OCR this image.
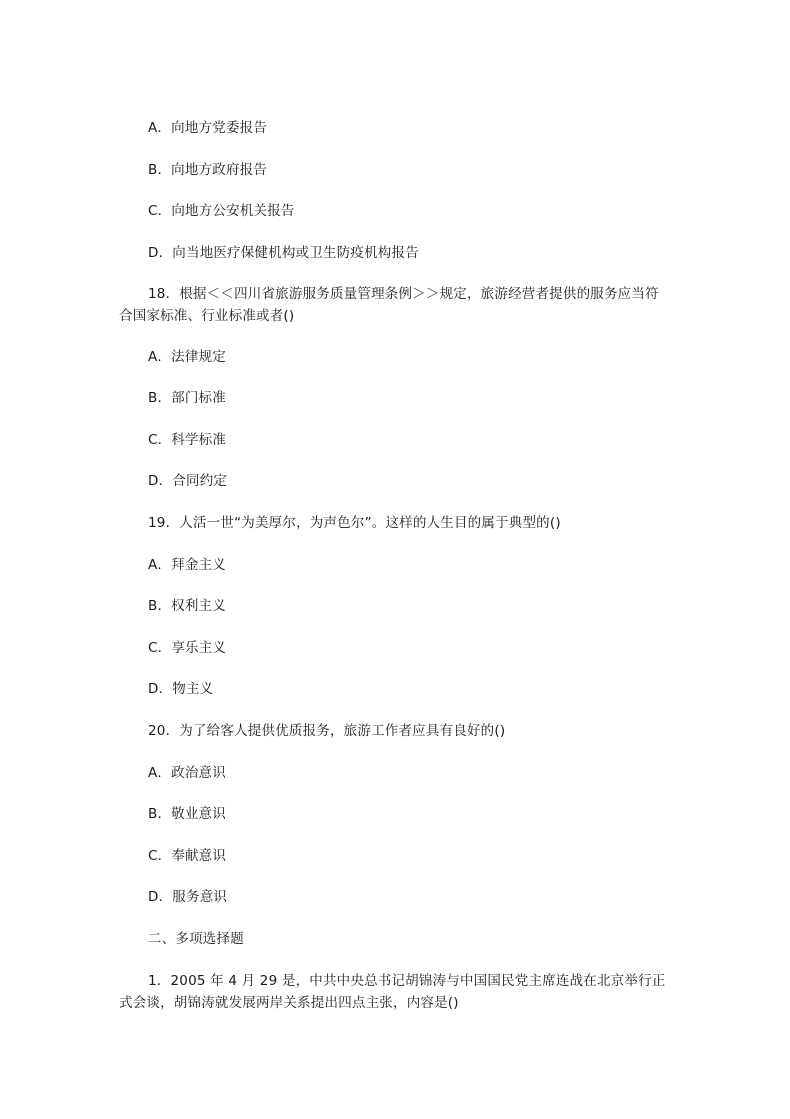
A．向地方党委报告
B．向地方政府报告
C．向地方公安机关报告
D．向当地医疗保健机构或卫生防疫机构报告
18．根据＜＜四川省旅游服务质量管理条例＞＞规定，旅游经营者提供的服务应当符
合国家标准、行业标准或者()
A．法律规定
B．部门标准
C．科学标准
D．合同约定
19．人活一世“为美厚尔，为声色尔”。这样的人生目的属于典型的()
A．拜金主义
B．权利主义
C．享乐主义
D．物主义
20．为了给客人提供优质报务，旅游工作者应具有良好的()
A．政治意识
B．敬业意识
C．奉献意识
D．服务意识
二、多项选择题
1．2005 年 4 月 29 是，中共中央总书记胡锦涛与中国国民党主席连战在北京举行正
式会谈，胡锦涛就发展两岸关系提出四点主张，内容是()
